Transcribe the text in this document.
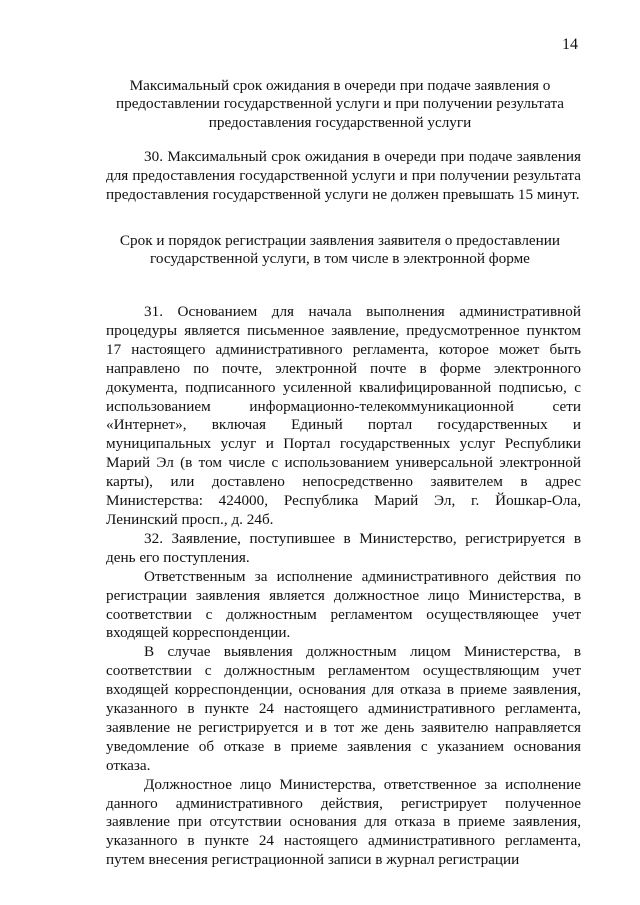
14
Максимальный срок ожидания в очереди при подаче заявления о предоставлении государственной услуги и при получении результата предоставления государственной услуги

30. Максимальный срок ожидания в очереди при подаче заявления для предоставления государственной услуги и при получении результата предоставления государственной услуги не должен превышать 15 минут.

Срок и порядок регистрации заявления заявителя о предоставлении государственной услуги, в том числе в электронной форме

31. Основанием для начала выполнения административной процедуры является письменное заявление, предусмотренное пунктом 17 настоящего административного регламента, которое может быть направлено по почте, электронной почте в форме электронного документа, подписанного усиленной квалифицированной подписью, с использованием информационно-телекоммуникационной сети «Интернет», включая Единый портал государственных и муниципальных услуг и Портал государственных услуг Республики Марий Эл (в том числе с использованием универсальной электронной карты), или доставлено непосредственно заявителем в адрес Министерства: 424000, Республика Марий Эл, г. Йошкар-Ола, Ленинский просп., д. 24б.

32. Заявление, поступившее в Министерство, регистрируется в день его поступления.

Ответственным за исполнение административного действия по регистрации заявления является должностное лицо Министерства, в соответствии с должностным регламентом осуществляющее учет входящей корреспонденции.

В случае выявления должностным лицом Министерства, в соответствии с должностным регламентом осуществляющим учет входящей корреспонденции, основания для отказа в приеме заявления, указанного в пункте 24 настоящего административного регламента, заявление не регистрируется и в тот же день заявителю направляется уведомление об отказе в приеме заявления с указанием основания отказа.

Должностное лицо Министерства, ответственное за исполнение данного административного действия, регистрирует полученное заявление при отсутствии основания для отказа в приеме заявления, указанного в пункте 24 настоящего административного регламента, путем внесения регистрационной записи в журнал регистрации
